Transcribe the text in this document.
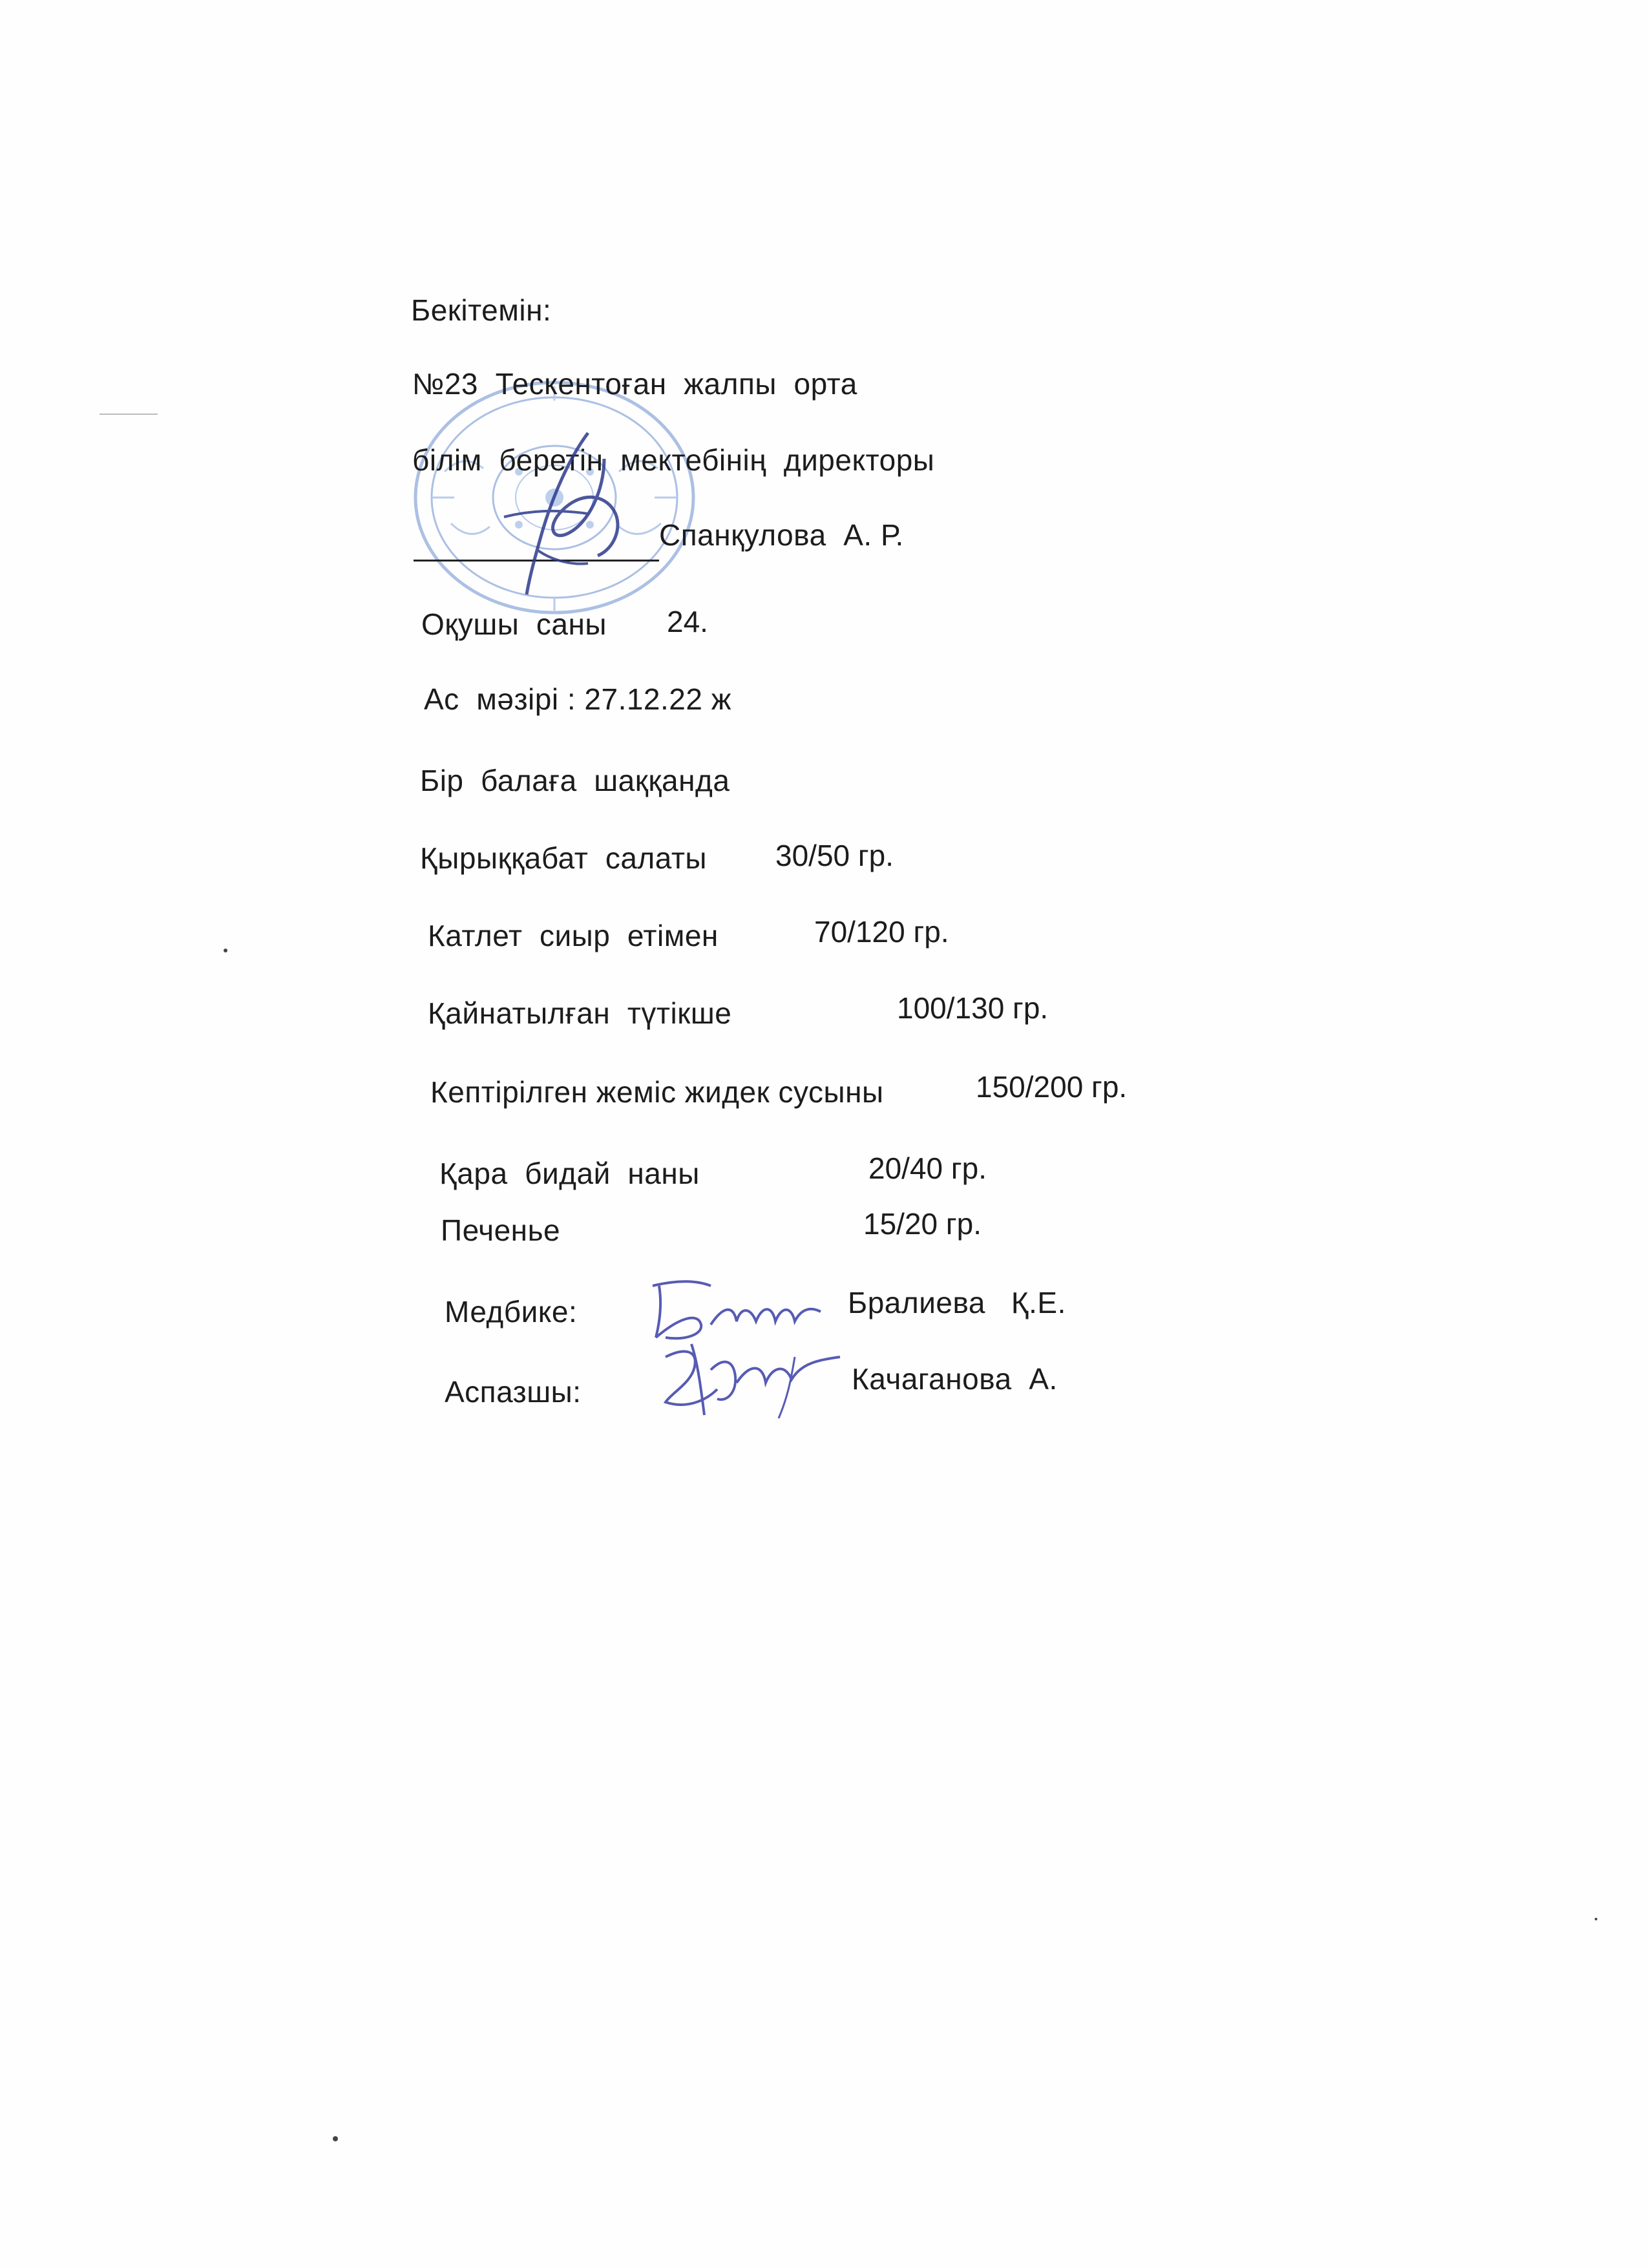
Бекітемін:
№23  Тескентоған  жалпы  орта
білім  беретін  мектебінің  директоры
Спанқулова  А. Р.
Оқушы  саны 24.
Ас  мәзірі : 27.12.22 ж
Бір  балаға  шаққанда
Қырыққабат  салаты 30/50 гр.
Катлет  сиыр  етімен	70/120 гр.
Қайнатылған  түтікше	100/130 гр.
Кептірілген жеміс жидек сусыны	150/200 гр.
Қара  бидай  наны	20/40 гр.
Печенье	15/20 гр.
Медбике:	Бралиева   Қ.Е.
Аспазшы:	Качаганова  А.
